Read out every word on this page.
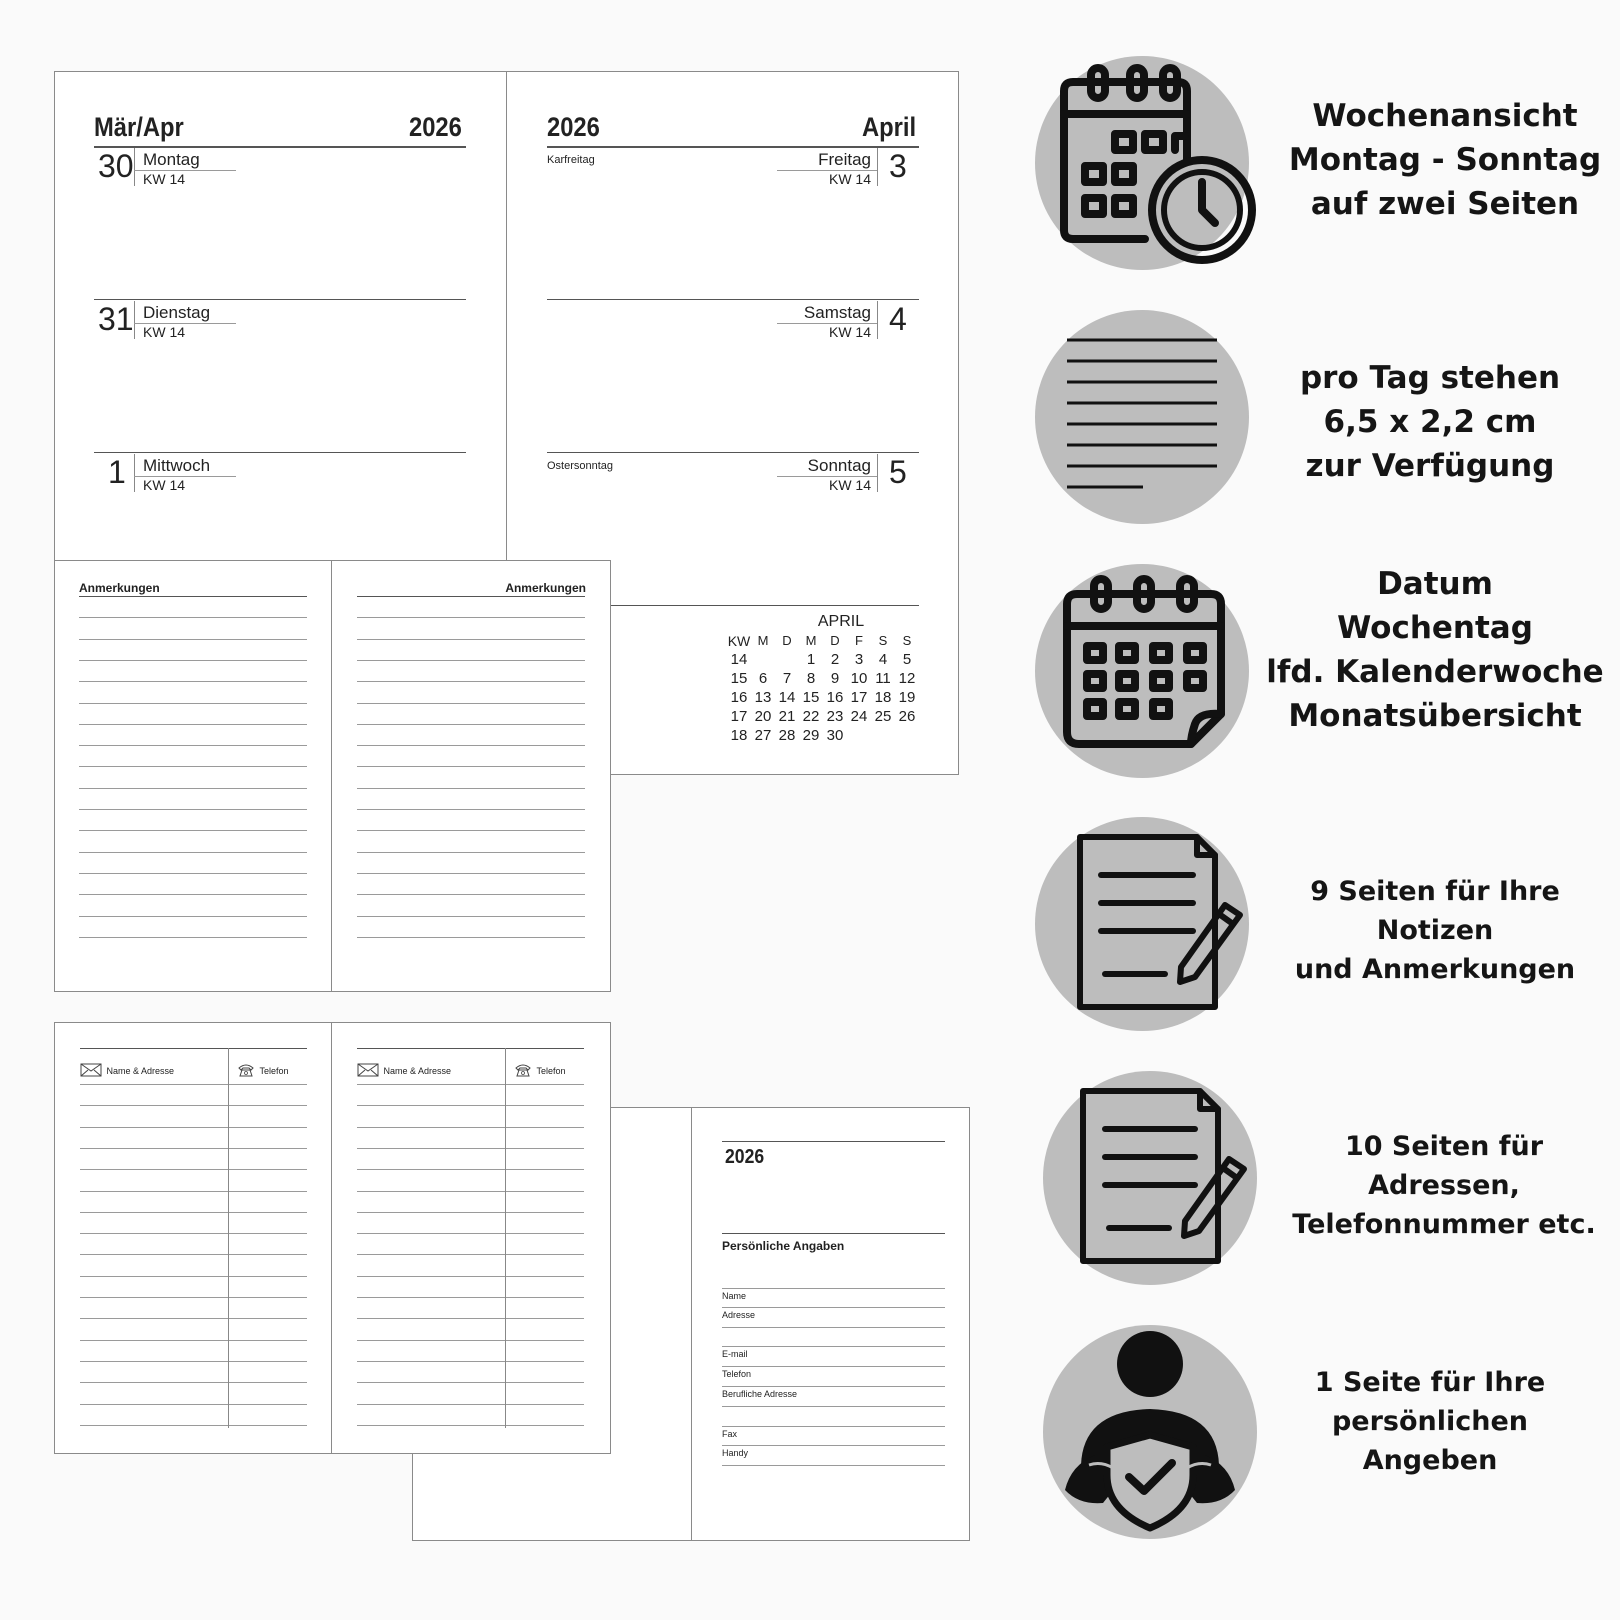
Mär/Apr	2026
30 Montag
KW 14
31 Dienstag
KW 14
1 Mittwoch
KW 14
2026	April
Karfreitag	Freitag
KW 14 3
Samstag
KW 14 4
Ostersonntag	Sonntag
KW 14 5
APRIL
KW	M	D	M	D	F	S	S
14			1	2	3	4	5
15	6	7	8	9	10	11	12
16	13	14	15	16	17	18	19
17	20	21	22	23	24	25	26
18	27	28	29	30			
Anmerkungen	Anmerkungen
2026
Persönliche Angaben
Name
Adresse
E-mail
Telefon
Berufliche Adresse
Fax
Handy
Name & Adresse	Telefon	Name & Adresse	Telefon
Wochenansicht
Montag - Sonntag
auf zwei Seiten
pro Tag stehen
6,5 x 2,2 cm
zur Verfügung
Datum
Wochentag
lfd. Kalenderwoche
Monatsübersicht
9 Seiten für Ihre Notizen
und Anmerkungen
10 Seiten für Adressen,
Telefonnummer etc.
1 Seite für Ihre
persönlichen
Angeben
